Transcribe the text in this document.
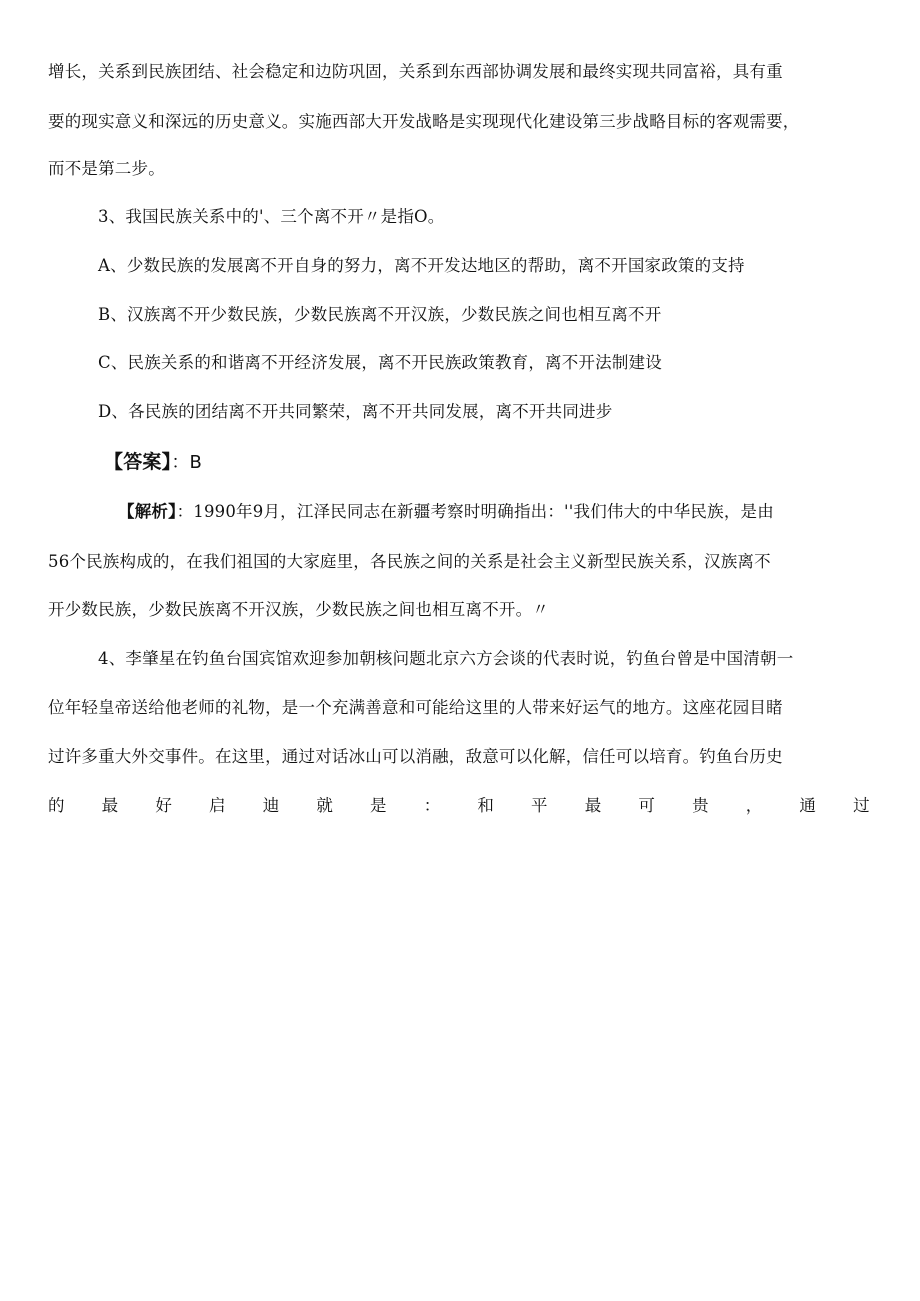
增长，关系到民族团结、社会稳定和边防巩固，关系到东西部协调发展和最终实现共同富裕，具有重
要的现实意义和深远的历史意义。实施西部大开发战略是实现现代化建设第三步战略目标的客观需要，
而不是第二步。
3、我国民族关系中的'、三个离不开〃是指O。
A、少数民族的发展离不开自身的努力，离不开发达地区的帮助，离不开国家政策的支持
B、汉族离不开少数民族，少数民族离不开汉族，少数民族之间也相互离不开
C、民族关系的和谐离不开经济发展，离不开民族政策教育，离不开法制建设
D、各民族的团结离不开共同繁荣，离不开共同发展，离不开共同进步
【答案】：B
【解析】：1990年9月，江泽民同志在新疆考察时明确指出：''我们伟大的中华民族，是由
56个民族构成的，在我们祖国的大家庭里，各民族之间的关系是社会主义新型民族关系，汉族离不
开少数民族，少数民族离不开汉族，少数民族之间也相互离不开。〃
4、李肇星在钓鱼台国宾馆欢迎参加朝核问题北京六方会谈的代表时说，钓鱼台曾是中国清朝一
位年轻皇帝送给他老师的礼物，是一个充满善意和可能给这里的人带来好运气的地方。这座花园目睹
过许多重大外交事件。在这里，通过对话冰山可以消融，敌意可以化解，信任可以培育。钓鱼台历史
的 最 好 启 迪 就 是 ： 和 平 最 可 贵 ， 通 过
